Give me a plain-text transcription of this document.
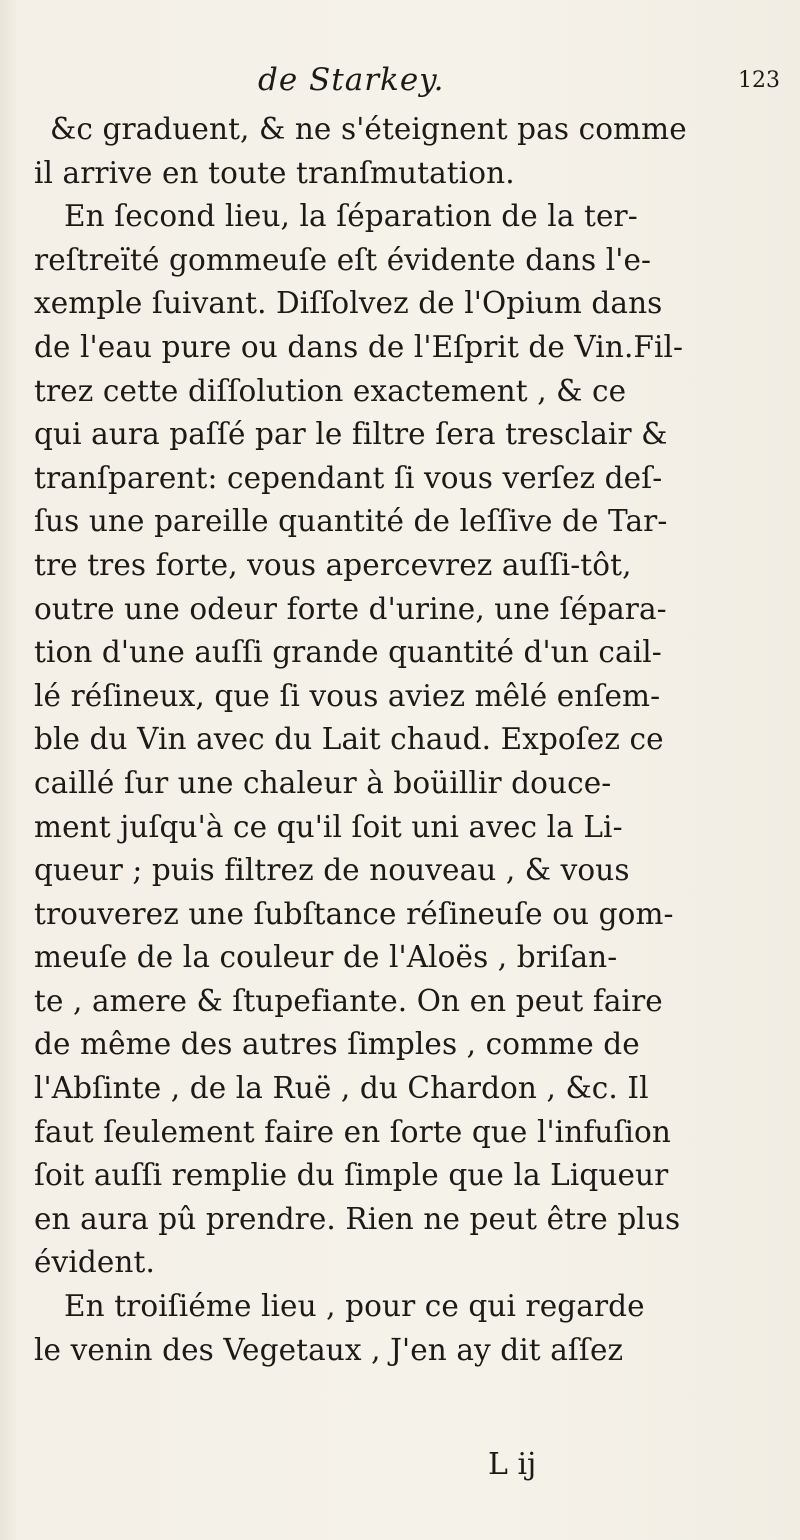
de Starkey.	123
&c graduent, & ne s'éteignent pas comme
il arrive en toute tranſmutation.
En ſecond lieu, la ſéparation de la ter-
reſtreïté gommeuſe eſt évidente dans l'e-
xemple ſuivant. Diſſolvez de l'Opium dans
de l'eau pure ou dans de l'Eſprit de Vin.Fil-
trez cette diſſolution exactement , & ce
qui aura paſſé par le filtre ſera tresclair &
tranſparent: cependant ſi vous verſez deſ-
ſus une pareille quantité de leſſive de Tar-
tre tres forte, vous apercevrez auſſi-tôt,
outre une odeur forte d'urine, une ſépara-
tion d'une auſſi grande quantité d'un cail-
lé réſineux, que ſi vous aviez mêlé enſem-
ble du Vin avec du Lait chaud. Expoſez ce
caillé ſur une chaleur à boüillir douce-
ment juſqu'à ce qu'il ſoit uni avec la Li-
queur ; puis filtrez de nouveau , & vous
trouverez une ſubſtance réſineuſe ou gom-
meuſe de la couleur de l'Aloës , briſan-
te , amere & ſtupefiante. On en peut faire
de même des autres ſimples , comme de
l'Abſinte , de la Ruë , du Chardon , &c. Il
faut ſeulement faire en ſorte que l'infuſion
ſoit auſſi remplie du ſimple que la Liqueur
en aura pû prendre. Rien ne peut être plus
évident.
En troiſiéme lieu , pour ce qui regarde
le venin des Vegetaux , J'en ay dit aſſez
L ij
